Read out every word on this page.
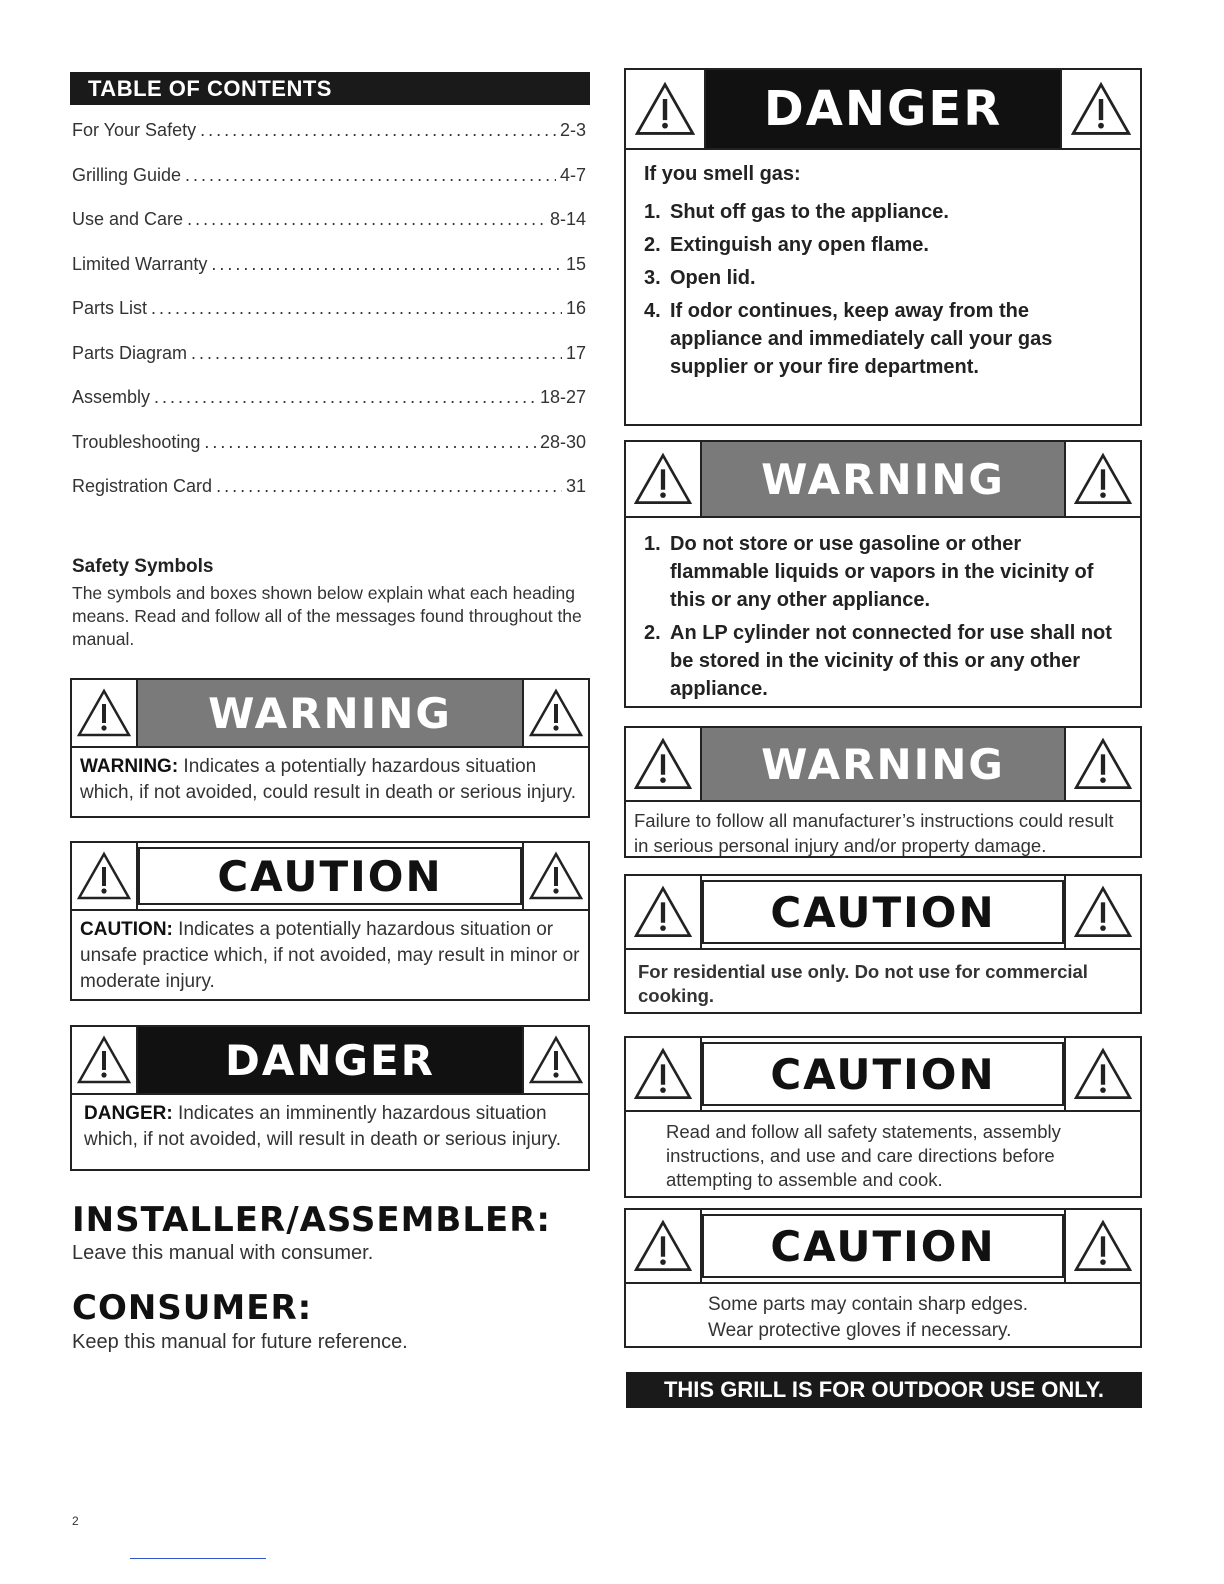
TABLE OF CONTENTS
For Your Safety .....	2-3
Grilling Guide .....	4-7
Use and Care .....	8-14
Limited Warranty .....	15
Parts List .....	16
Parts Diagram .....	17
Assembly .....	18-27
Troubleshooting .....	28-30
Registration Card .....	31
Safety Symbols
The symbols and boxes shown below explain what each heading means. Read and follow all of the messages found throughout the manual.
WARNING
WARNING: Indicates a potentially hazardous situation which, if not avoided, could result in death or serious injury.
CAUTION
CAUTION: Indicates a potentially hazardous situation or unsafe practice which, if not avoided, may result in minor or moderate injury.
DANGER
DANGER: Indicates an imminently hazardous situation which, if not avoided, will result in death or serious injury.
INSTALLER/ASSEMBLER:
Leave this manual with consumer.
CONSUMER:
Keep this manual for future reference.
DANGER
If you smell gas:
1. Shut off gas to the appliance.
2. Extinguish any open flame.
3. Open lid.
4. If odor continues, keep away from the appliance and immediately call your gas supplier or your fire department.
WARNING
1. Do not store or use gasoline or other flammable liquids or vapors in the vicinity of this or any other appliance.
2. An LP cylinder not connected for use shall not be stored in the vicinity of this or any other appliance.
WARNING
Failure to follow all manufacturer’s instructions could result in serious personal injury and/or property damage.
CAUTION
For residential use only. Do not use for commercial cooking.
CAUTION
Read and follow all safety statements, assembly instructions, and use and care directions before attempting to assemble and cook.
CAUTION
Some parts may contain sharp edges.
Wear protective gloves if necessary.
THIS GRILL IS FOR OUTDOOR USE ONLY.
2
